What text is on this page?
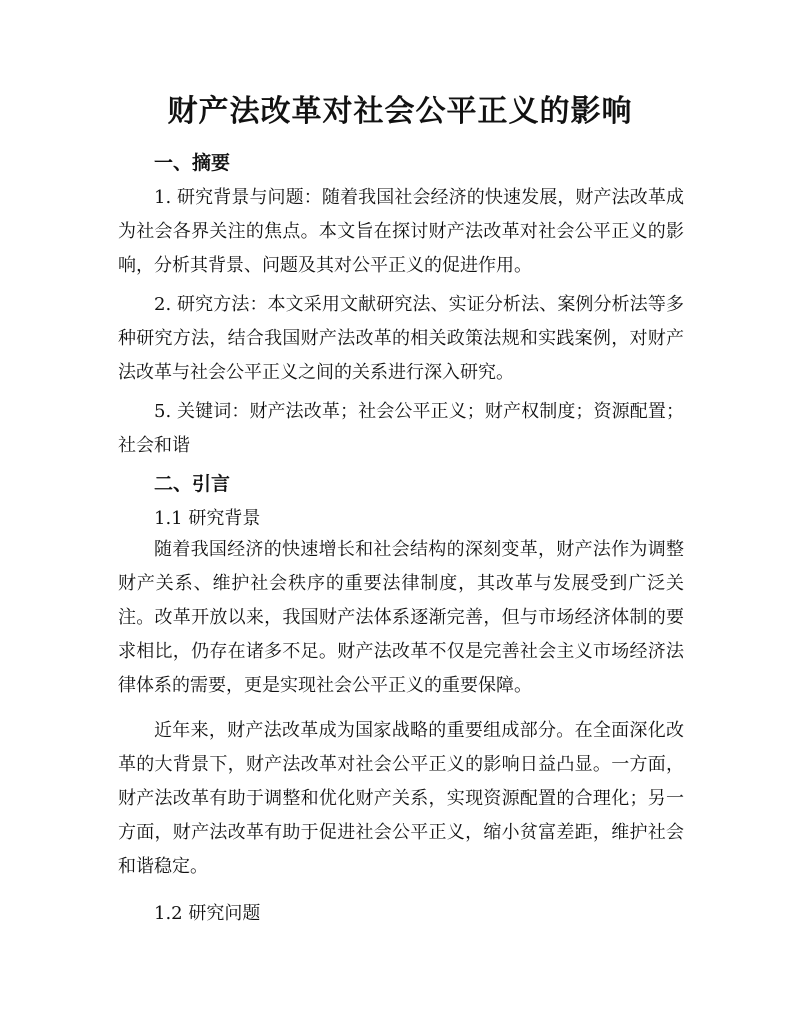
财产法改革对社会公平正义的影响
一、摘要

1. 研究背景与问题：随着我国社会经济的快速发展，财产法改革成为社会各界关注的焦点。本文旨在探讨财产法改革对社会公平正义的影响，分析其背景、问题及其对公平正义的促进作用。

2. 研究方法：本文采用文献研究法、实证分析法、案例分析法等多种研究方法，结合我国财产法改革的相关政策法规和实践案例，对财产法改革与社会公平正义之间的关系进行深入研究。

5. 关键词：财产法改革；社会公平正义；财产权制度；资源配置；社会和谐

二、引言
1.1 研究背景

随着我国经济的快速增长和社会结构的深刻变革，财产法作为调整财产关系、维护社会秩序的重要法律制度，其改革与发展受到广泛关注。改革开放以来，我国财产法体系逐渐完善，但与市场经济体制的要求相比，仍存在诸多不足。财产法改革不仅是完善社会主义市场经济法律体系的需要，更是实现社会公平正义的重要保障。

近年来，财产法改革成为国家战略的重要组成部分。在全面深化改革的大背景下，财产法改革对社会公平正义的影响日益凸显。一方面，财产法改革有助于调整和优化财产关系，实现资源配置的合理化；另一方面，财产法改革有助于促进社会公平正义，缩小贫富差距，维护社会和谐稳定。

1.2 研究问题
